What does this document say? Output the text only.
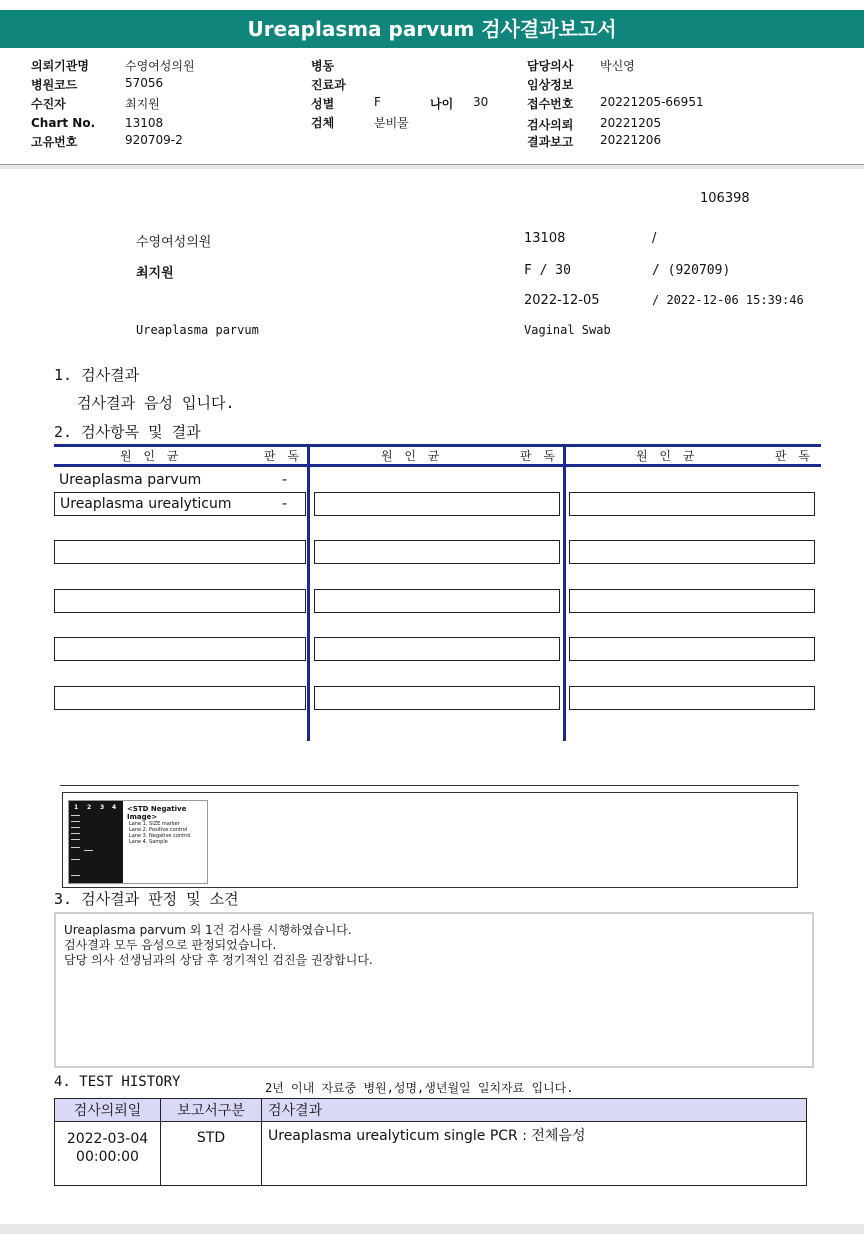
Ureaplasma parvum 검사결과보고서
의뢰기관명	수영여성의원
병원코드	57056
수진자	최지원
Chart No. 13108
고유번호	920709-2
병동
진료과
성별	F	나이 30
검체	분비물
담당의사 박신영
임상정보
접수번호 20221205-66951
검사의뢰 20221205
결과보고 20221206
106398
수영여성의원	13108	/
최지원	F / 30	/ (920709)
2022-12-05	/ 2022-12-06 15:39:46
Ureaplasma parvum	Vaginal Swab
1. 검사결과
검사결과 음성 입니다.
2. 검사항목 및 결과
원 인 균	판 독	원 인 균	판 독	원 인 균	판 독
Ureaplasma parvum	-
Ureaplasma urealyticum	-
1 2 3 4 <STD Negative Image>
Lane 1. SIZE marker
Lane 2. Positive control
Lane 3. Negative control
Lane 4. Sample
3. 검사결과 판정 및 소견
Ureaplasma parvum 외 1건 검사를 시행하였습니다.
검사결과 모두 음성으로 판정되었습니다.
담당 의사 선생님과의 상담 후 정기적인 검진을 권장합니다.
4. TEST HISTORY	2년 이내 자료중 병원,성명,생년월일 일치자료 입니다.
검사의뢰일	보고서구분	검사결과

2022-03-04
00:00:00	STD	Ureaplasma urealyticum single PCR : 전체음성
